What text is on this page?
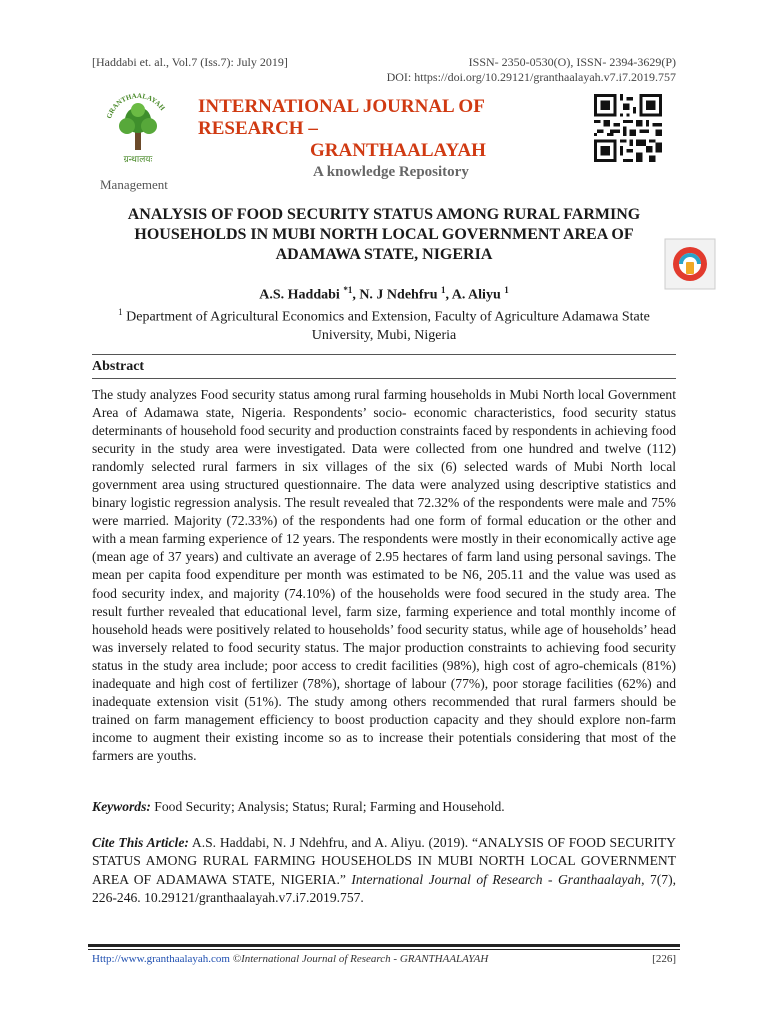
[Haddabi et. al., Vol.7 (Iss.7): July 2019]	ISSN- 2350-0530(O), ISSN- 2394-3629(P)
DOI: https://doi.org/10.29121/granthaalayah.v7.i7.2019.757
GRANTHAALAYAH
ग्रन्थालयः
INTERNATIONAL JOURNAL OF RESEARCH –
GRANTHAALAYAH
A knowledge Repository
Management
ANALYSIS OF FOOD SECURITY STATUS AMONG RURAL FARMING HOUSEHOLDS IN MUBI NORTH LOCAL GOVERNMENT AREA OF ADAMAWA STATE, NIGERIA
A.S. Haddabi $^{*1}$, N. J Ndehfru $^1$, A. Aliyu $^1$
$^1$ Department of Agricultural Economics and Extension, Faculty of Agriculture Adamawa State University, Mubi, Nigeria
Abstract
The study analyzes Food security status among rural farming households in Mubi North local Government Area of Adamawa state, Nigeria. Respondents’ socio- economic characteristics, food security status determinants of household food security and production constraints faced by respondents in achieving food security in the study area were investigated. Data were collected from one hundred and twelve (112) randomly selected rural farmers in six villages of the six (6) selected wards of Mubi North local government area using structured questionnaire. The data were analyzed using descriptive statistics and binary logistic regression analysis. The result revealed that 72.32% of the respondents were male and 75% were married. Majority (72.33%) of the respondents had one form of formal education or the other and with a mean farming experience of 12 years. The respondents were mostly in their economically active age (mean age of 37 years) and cultivate an average of 2.95 hectares of farm land using personal savings. The mean per capita food expenditure per month was estimated to be N6, 205.11 and the value was used as food security index, and majority (74.10%) of the households were food secured in the study area. The result further revealed that educational level, farm size, farming experience and total monthly income of household heads were positively related to households’ food security status, while age of households’ head was inversely related to food security status. The major production constraints to achieving food security status in the study area include; poor access to credit facilities (98%), high cost of agro-chemicals (81%) inadequate and high cost of fertilizer (78%), shortage of labour (77%), poor storage facilities (62%) and inadequate extension visit (51%). The study among others recommended that rural farmers should be trained on farm management efficiency to boost production capacity and they should explore non-farm income to augment their existing income so as to increase their potentials considering that most of the farmers are youths.
Keywords: Food Security; Analysis; Status; Rural; Farming and Household.
Cite This Article: A.S. Haddabi, N. J Ndehfru, and A. Aliyu. (2019). “ANALYSIS OF FOOD SECURITY STATUS AMONG RURAL FARMING HOUSEHOLDS IN MUBI NORTH LOCAL GOVERNMENT AREA OF ADAMAWA STATE, NIGERIA.” International Journal of Research - Granthaalayah, 7(7), 226-246. 10.29121/granthaalayah.v7.i7.2019.757.
Http://www.granthaalayah.com ©International Journal of Research - GRANTHAALAYAH	[226]
